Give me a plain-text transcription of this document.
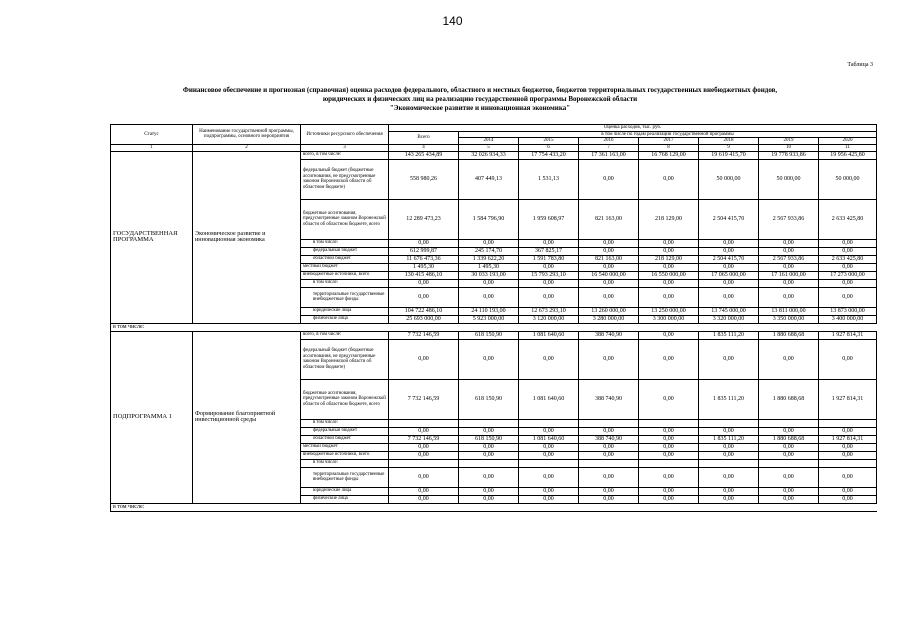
140
Таблица 3
Финансовое обеспечение и прогнозная (справочная) оценка расходов федерального, областного и местных бюджетов, бюджетов территориальных государственных внебюджетных фондов,
юридических и физических лиц на реализацию государственной программы Воронежской области
"Экономическое развитие и инновационная экономика"
Статус	Наименование государственной программы, подпрограммы, основного мероприятия	Источники ресурсного обеспечения	Оценка расходов, тыс. руб.							
			Всего	в том числе по годам реализации государственной программы						
				2014	2015	2016	2017	2018	2019	2020
1	2	3	4	5	6	7	8	9	10	11
ГОСУДАРСТВЕННАЯ ПРОГРАММА	Экономическое развитие и инновационная экономика	всего, в том числе:	143 265 434,89	32 026 934,33	17 754 433,20	17 361 163,00	16 768 129,00	19 619 415,70	19 778 933,86	19 956 425,80
		федеральный бюджет (бюджетные ассигнования, не предусмотренные законом Воронежской области об областном бюджете)	558 980,26	407 449,13	1 531,13	0,00	0,00	50 000,00	50 000,00	50 000,00
		бюджетные ассигнования, предусмотренные законом Воронежской области об областном бюджете, всего	12 289 473,23	1 584 796,90	1 959 608,97	821 163,00	218 129,00	2 504 415,70	2 567 933,86	2 633 425,80
		в том числе:	0,00	0,00	0,00	0,00	0,00	0,00	0,00	0,00
		федеральный бюджет	612 999,87	245 174,70	367 825,17	0,00	0,00	0,00	0,00	0,00
		областной бюджет	11 676 473,36	1 339 622,20	1 591 783,80	821 163,00	218 129,00	2 504 415,70	2 567 933,86	2 633 425,80
		местный бюджет	1 495,30	1 495,30	0,00	0,00	0,00	0,00	0,00	0,00
		внебюджетные источники, всего	130 415 486,10	30 033 193,00	15 793 293,10	16 540 000,00	16 550 000,00	17 065 000,00	17 161 000,00	17 273 000,00
		в том числе:	0,00	0,00	0,00	0,00	0,00	0,00	0,00	0,00
		территориальные государственные внебюджетные фонды	0,00	0,00	0,00	0,00	0,00	0,00	0,00	0,00
		юридические лица	104 722 486,10	24 110 193,00	12 673 293,10	13 260 000,00	13 250 000,00	13 745 000,00	13 811 000,00	13 873 000,00
		физические лица	25 693 000,00	5 923 000,00	3 120 000,00	3 280 000,00	3 300 000,00	3 320 000,00	3 350 000,00	3 400 000,00
в том числе:										
ПОДПРОГРАММА 1	Формирование благоприятной инвестиционной среды	всего, в том числе:	7 732 146,59	618 150,90	1 081 640,60	388 740,90	0,00	1 835 111,20	1 880 688,68	1 927 814,31
		федеральный бюджет (бюджетные ассигнования, не предусмотренные законом Воронежской области об областном бюджете)	0,00	0,00	0,00	0,00	0,00	0,00	0,00	0,00
		бюджетные ассигнования, предусмотренные законом Воронежской области об областном бюджете, всего	7 732 146,59	618 150,90	1 081 640,60	388 740,90	0,00	1 835 111,20	1 880 688,68	1 927 814,31
		в том числе:								
		федеральный бюджет	0,00	0,00	0,00	0,00	0,00	0,00	0,00	0,00
		областной бюджет	7 732 146,59	618 150,90	1 081 640,60	388 740,90	0,00	1 835 111,20	1 880 688,68	1 927 814,31
		местный бюджет	0,00	0,00	0,00	0,00	0,00	0,00	0,00	0,00
		внебюджетные источники, всего	0,00	0,00	0,00	0,00	0,00	0,00	0,00	0,00
		в том числе:								
		территориальные государственные внебюджетные фонды	0,00	0,00	0,00	0,00	0,00	0,00	0,00	0,00
		юридические лица	0,00	0,00	0,00	0,00	0,00	0,00	0,00	0,00
		физические лица	0,00	0,00	0,00	0,00	0,00	0,00	0,00	0,00
в том числе:										
